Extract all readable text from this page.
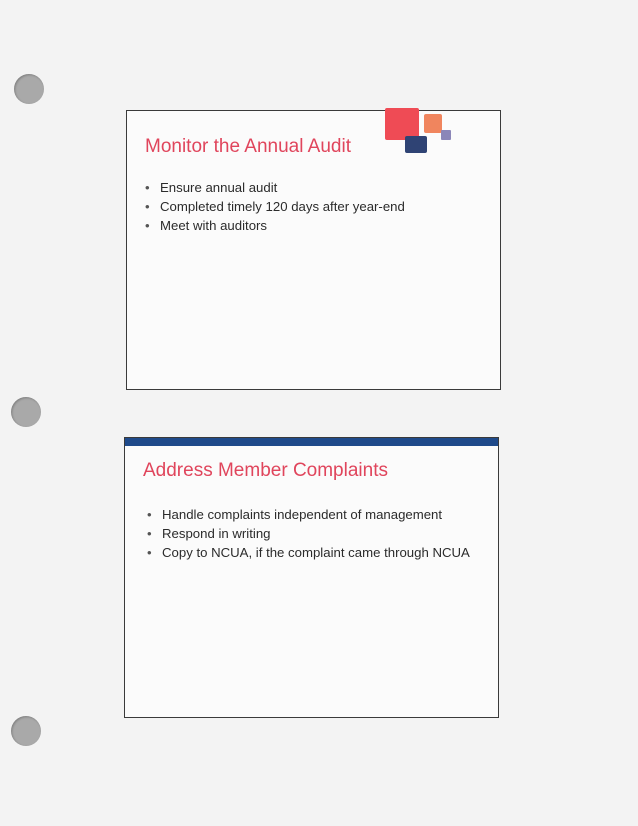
Monitor the Annual Audit
• Ensure annual audit
• Completed timely 120 days after year-end
• Meet with auditors
Address Member Complaints
• Handle complaints independent of management
• Respond in writing
• Copy to NCUA, if the complaint came through NCUA
